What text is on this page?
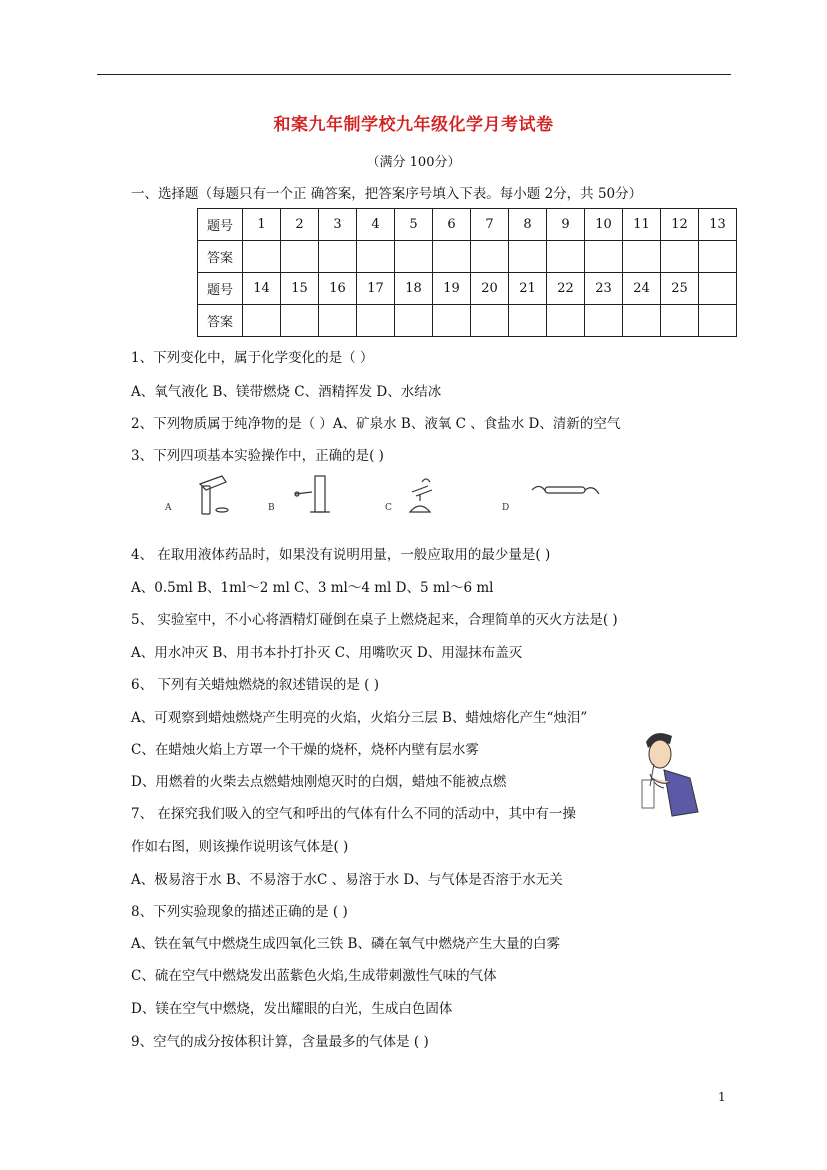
和案九年制学校九年级化学月考试卷
（满分 100分）
一、选择题（每题只有一个正 确答案，把答案序号填入下表。每小题 2分，共 50分）
题号	1	2	3	4	5	6	7	8	9	10	11	12	13
答案													
题号	14	15	16	17	18	19	20	21	22	23	24	25	
答案													
1、下列变化中，属于化学变化的是（ ）
A、氧气液化 B、镁带燃烧 C、酒精挥发 D、水结冰
2、下列物质属于纯净物的是（ ）A、矿泉水 B、液氧 C 、食盐水 D、清新的空气
3、下列四项基本实验操作中，正确的是( )
A	B	C	D
4、 在取用液体药品时，如果没有说明用量，一般应取用的最少量是( )
A、0.5ml B、1ml～2 ml C、3 ml～4 ml D、5 ml～6 ml
5、 实验室中，不小心将酒精灯碰倒在桌子上燃烧起来，合理简单的灭火方法是( )
A、用水冲灭 B、用书本扑打扑灭 C、用嘴吹灭 D、用湿抹布盖灭
6、 下列有关蜡烛燃烧的叙述错误的是 ( )
A、可观察到蜡烛燃烧产生明亮的火焰，火焰分三层 B、蜡烛熔化产生“烛泪”
C、在蜡烛火焰上方罩一个干燥的烧杯，烧杯内壁有层水雾
D、用燃着的火柴去点燃蜡烛刚熄灭时的白烟，蜡烛不能被点燃
7、 在探究我们吸入的空气和呼出的气体有什么不同的活动中，其中有一操
作如右图，则该操作说明该气体是( )
A、极易溶于水 B、不易溶于水C 、易溶于水 D、与气体是否溶于水无关
8、下列实验现象的描述正确的是 ( )
A、铁在氧气中燃烧生成四氧化三铁 B、磷在氧气中燃烧产生大量的白雾
C、硫在空气中燃烧发出蓝紫色火焰,生成带刺激性气味的气体
D、镁在空气中燃烧，发出耀眼的白光，生成白色固体
9、空气的成分按体积计算，含量最多的气体是 ( )
1
